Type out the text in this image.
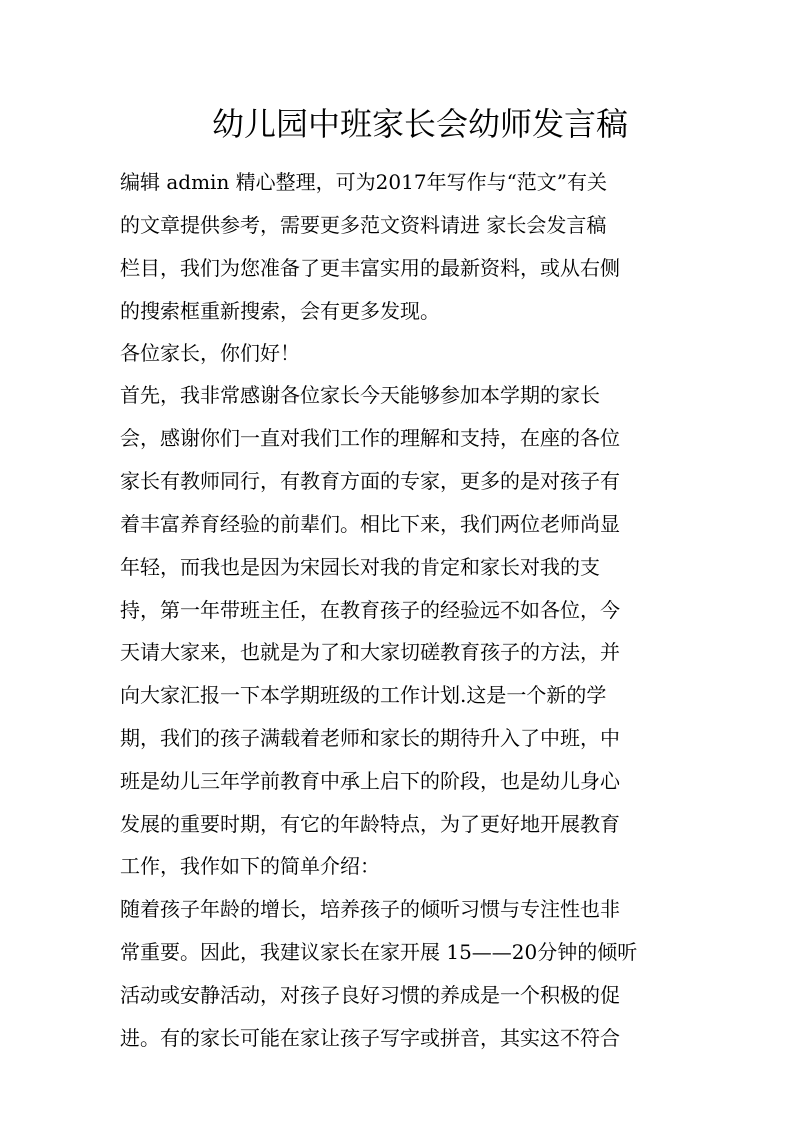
幼儿园中班家长会幼师发言稿

编辑 admin 精心整理，可为2017年写作与“范文”有关

的文章提供参考，需要更多范文资料请进 家长会发言稿

栏目，我们为您准备了更丰富实用的最新资料，或从右侧

的搜索框重新搜索，会有更多发现。

各位家长，你们好！

首先，我非常感谢各位家长今天能够参加本学期的家长

会，感谢你们一直对我们工作的理解和支持，在座的各位

家长有教师同行，有教育方面的专家，更多的是对孩子有

着丰富养育经验的前辈们。相比下来，我们两位老师尚显

年轻，而我也是因为宋园长对我的肯定和家长对我的支

持，第一年带班主任，在教育孩子的经验远不如各位，今

天请大家来，也就是为了和大家切磋教育孩子的方法，并

向大家汇报一下本学期班级的工作计划.这是一个新的学

期，我们的孩子满载着老师和家长的期待升入了中班，中

班是幼儿三年学前教育中承上启下的阶段，也是幼儿身心

发展的重要时期，有它的年龄特点，为了更好地开展教育

工作，我作如下的简单介绍：

随着孩子年龄的增长，培养孩子的倾听习惯与专注性也非

常重要。因此，我建议家长在家开展 15——20分钟的倾听

活动或安静活动，对孩子良好习惯的养成是一个积极的促

进。有的家长可能在家让孩子写字或拼音，其实这不符合
